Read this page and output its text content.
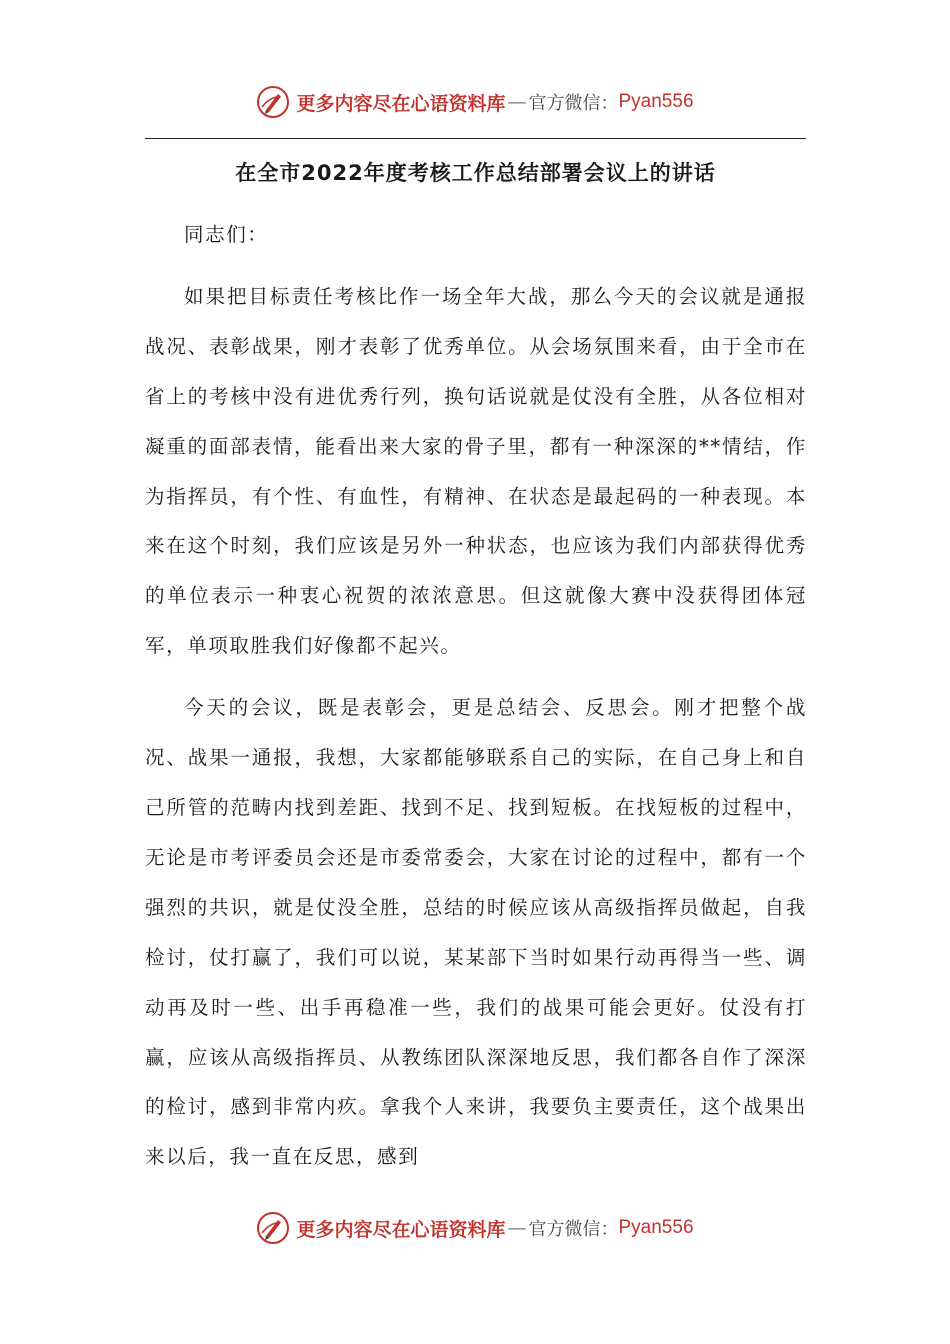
更多内容尽在心语资料库 — 官方微信： Pyan556
在全市2022年度考核工作总结部署会议上的讲话

同志们：

如果把目标责任考核比作一场全年大战，那么今天的会议就是通报战况、表彰战果，刚才表彰了优秀单位。从会场氛围来看，由于全市在省上的考核中没有进优秀行列，换句话说就是仗没有全胜，从各位相对凝重的面部表情，能看出来大家的骨子里，都有一种深深的**情结，作为指挥员，有个性、有血性，有精神、在状态是最起码的一种表现。本来在这个时刻，我们应该是另外一种状态，也应该为我们内部获得优秀的单位表示一种衷心祝贺的浓浓意思。但这就像大赛中没获得团体冠军，单项取胜我们好像都不起兴。

今天的会议，既是表彰会，更是总结会、反思会。刚才把整个战况、战果一通报，我想，大家都能够联系自己的实际，在自己身上和自己所管的范畴内找到差距、找到不足、找到短板。在找短板的过程中，无论是市考评委员会还是市委常委会，大家在讨论的过程中，都有一个强烈的共识，就是仗没全胜，总结的时候应该从高级指挥员做起，自我检讨，仗打赢了，我们可以说，某某部下当时如果行动再得当一些、调动再及时一些、出手再稳准一些，我们的战果可能会更好。仗没有打赢，应该从高级指挥员、从教练团队深深地反思，我们都各自作了深深的检讨，感到非常内疚。拿我个人来讲，我要负主要责任，这个战果出来以后，我一直在反思，感到

更多内容尽在心语资料库 — 官方微信： Pyan556
